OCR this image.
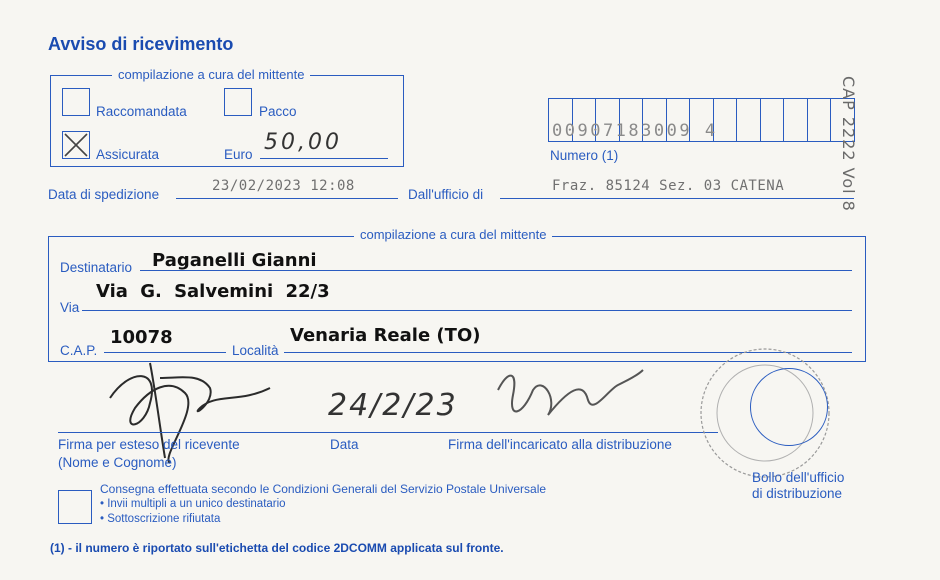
Avviso di ricevimento
compilazione a cura del mittente
Raccomandata	Pacco
Assicurata	Euro 50,00	00907183009 4
Numero (1)
Data di spedizione
23/02/2023 12:08
Dall'ufficio di
Fraz. 85124 Sez. 03 CATENA
compilazione a cura del mittente
Destinatario Paganelli Gianni
Via
Via G. Salvemini 22/3
C.A.P.
10078
Località
Venaria Reale (TO)
24/2/23
Firma per esteso del ricevente
(Nome e Cognome)
Data	Firma dell'incaricato alla distribuzione
Bollo dell'ufficio
di distribuzione
Consegna effettuata secondo le Condizioni Generali del Servizio Postale Universale
• Invii multipli a un unico destinatario
• Sottoscrizione rifiutata
(1) - il numero è riportato sull'etichetta del codice 2DCOMM applicata sul fronte.
CAP 2222 Vol 8
